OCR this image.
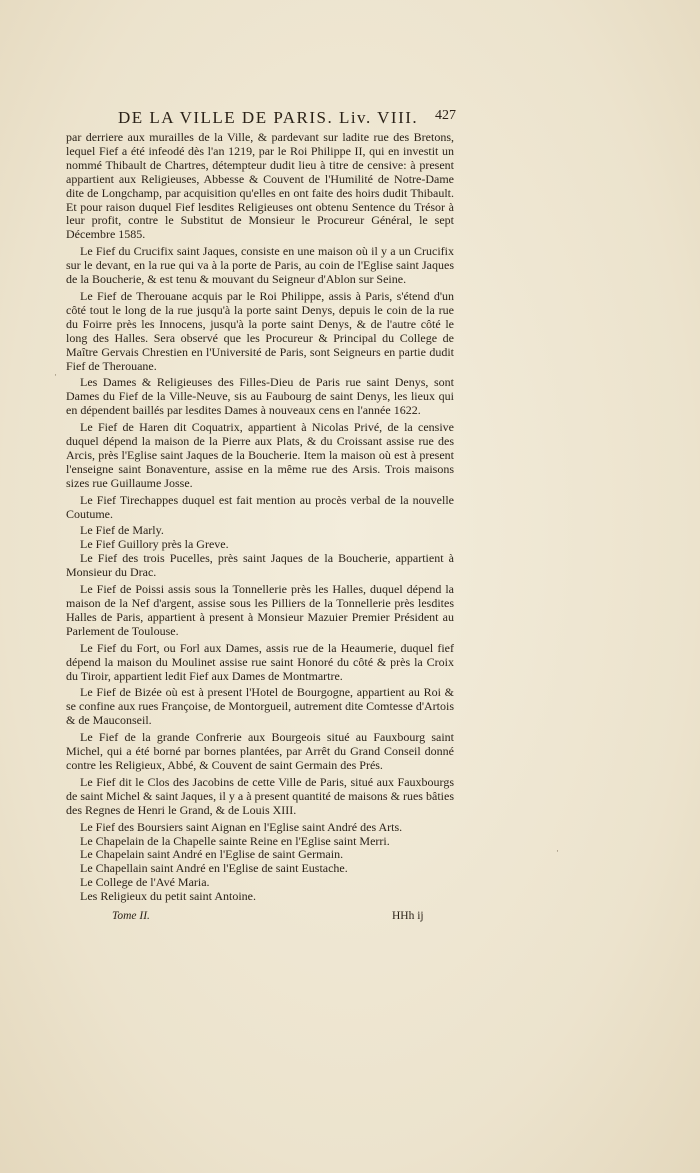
DE LA VILLE DE PARIS. Liv. VIII. 427

par derriere aux murailles de la Ville, & pardevant sur ladite rue des Bretons, lequel Fief a été infeodé dès l'an 1219, par le Roi Philippe II, qui en investit un nommé Thibault de Chartres, détempteur dudit lieu à titre de censive: à present appartient aux Religieuses, Abbesse & Couvent de l'Humilité de Notre-Dame dite de Longchamp, par acquisition qu'elles en ont faite des hoirs dudit Thibault. Et pour raison duquel Fief lesdites Religieuses ont obtenu Sentence du Trésor à leur profit, contre le Substitut de Monsieur le Procureur Général, le sept Décembre 1585.

Le Fief du Crucifix saint Jaques, consiste en une maison où il y a un Crucifix sur le devant, en la rue qui va à la porte de Paris, au coin de l'Eglise saint Jaques de la Boucherie, & est tenu & mouvant du Seigneur d'Ablon sur Seine.

Le Fief de Therouane acquis par le Roi Philippe, assis à Paris, s'étend d'un côté tout le long de la rue jusqu'à la porte saint Denys, depuis le coin de la rue du Foirre près les Innocens, jusqu'à la porte saint Denys, & de l'autre côté le long des Halles. Sera observé que les Procureur & Principal du College de Maître Gervais Chrestien en l'Université de Paris, sont Seigneurs en partie dudit Fief de Therouane.

Les Dames & Religieuses des Filles-Dieu de Paris rue saint Denys, sont Dames du Fief de la Ville-Neuve, sis au Faubourg de saint Denys, les lieux qui en dépendent baillés par lesdites Dames à nouveaux cens en l'année 1622.

Le Fief de Haren dit Coquatrix, appartient à Nicolas Privé, de la censive duquel dépend la maison de la Pierre aux Plats, & du Croissant assise rue des Arcis, près l'Eglise saint Jaques de la Boucherie. Item la maison où est à present l'enseigne saint Bonaventure, assise en la même rue des Arsis. Trois maisons sizes rue Guillaume Josse.

Le Fief Tirechappes duquel est fait mention au procès verbal de la nouvelle Coutume.

Le Fief de Marly.

Le Fief Guillory près la Greve.

Le Fief des trois Pucelles, près saint Jaques de la Boucherie, appartient à Monsieur du Drac.

Le Fief de Poissi assis sous la Tonnellerie près les Halles, duquel dépend la maison de la Nef d'argent, assise sous les Pilliers de la Tonnellerie près lesdites Halles de Paris, appartient à present à Monsieur Mazuier Premier Président au Parlement de Toulouse.

Le Fief du Fort, ou Forl aux Dames, assis rue de la Heaumerie, duquel fief dépend la maison du Moulinet assise rue saint Honoré du côté & près la Croix du Tiroir, appartient ledit Fief aux Dames de Montmartre.

Le Fief de Bizée où est à present l'Hotel de Bourgogne, appartient au Roi & se confine aux rues Françoise, de Montorgueil, autrement dite Comtesse d'Artois & de Mauconseil.

Le Fief de la grande Confrerie aux Bourgeois situé au Fauxbourg saint Michel, qui a été borné par bornes plantées, par Arrêt du Grand Conseil donné contre les Religieux, Abbé, & Couvent de saint Germain des Prés.

Le Fief dit le Clos des Jacobins de cette Ville de Paris, situé aux Fauxbourgs de saint Michel & saint Jaques, il y a à present quantité de maisons & rues bâties des Regnes de Henri le Grand, & de Louis XIII.

Le Fief des Boursiers saint Aignan en l'Eglise saint André des Arts.

Le Chapelain de la Chapelle sainte Reine en l'Eglise saint Merri.

Le Chapelain saint André en l'Eglise de saint Germain.

Le Chapellain saint André en l'Eglise de saint Eustache.

Le College de l'Avé Maria.

Les Religieux du petit saint Antoine.

Tome II.	HHh ij
·
·
